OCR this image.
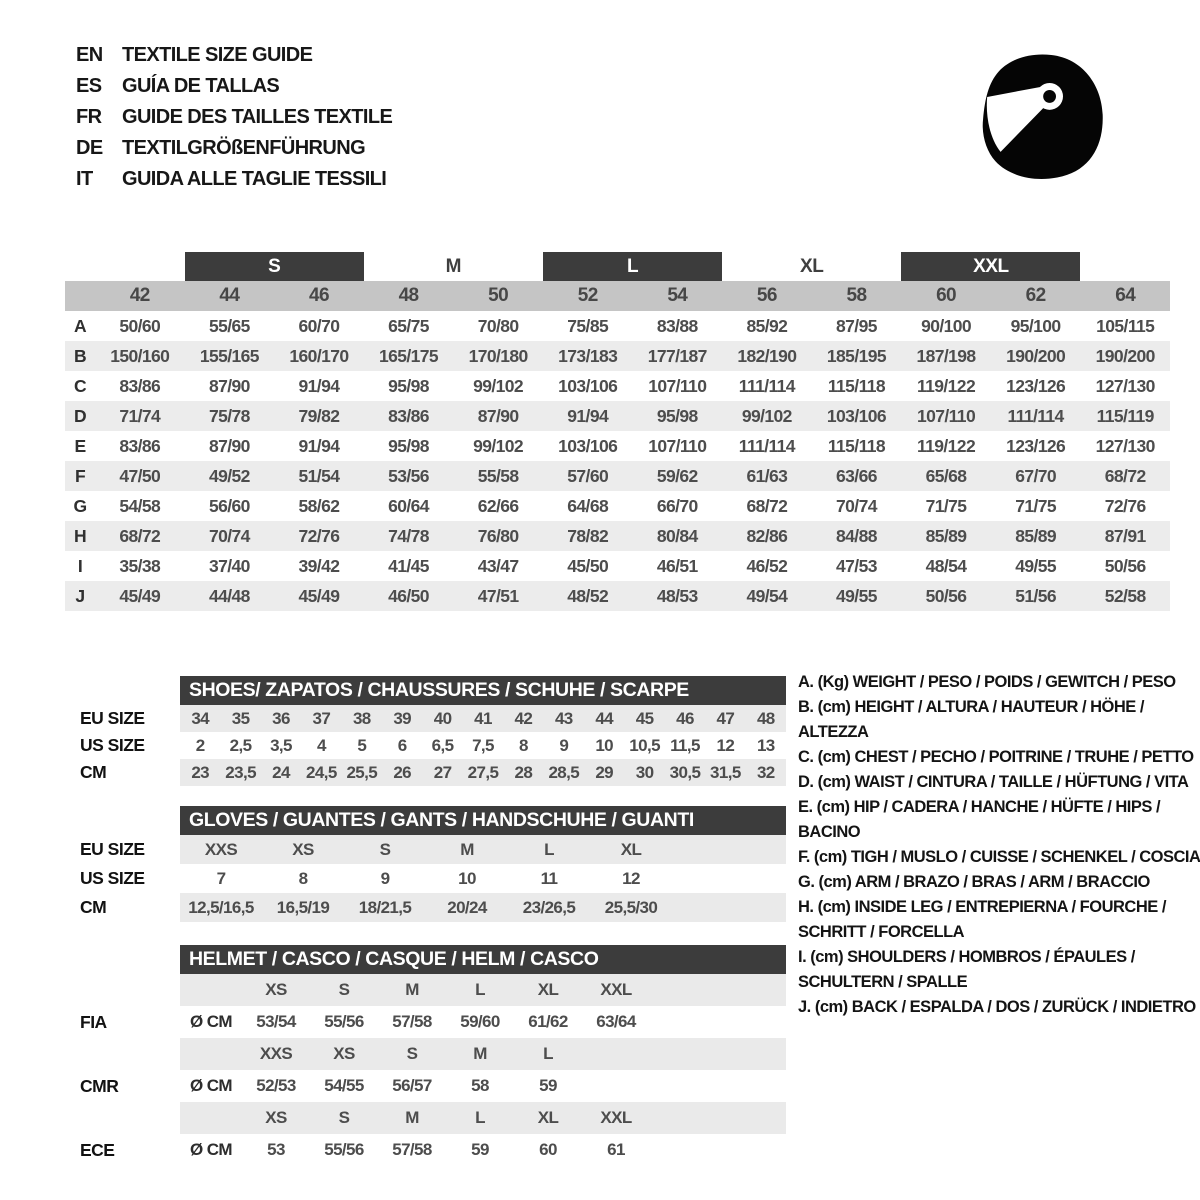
EN TEXTILE SIZE GUIDE
ES	GUÍA DE TALLAS
FR	GUIDE DES TAILLES TEXTILE
DE TEXTILGRÖßENFÜHRUNG
IT	GUIDA ALLE TAGLIE TESSILI
S	M	L	XL	XXL
42	44	46	48	50	52	54	56	58	60	62	64
A	50/60	55/65	60/70	65/75	70/80	75/85	83/88	85/92	87/95	90/100	95/100	105/115
B	150/160	155/165	160/170	165/175	170/180	173/183	177/187	182/190	185/195	187/198	190/200	190/200
C	83/86	87/90	91/94	95/98	99/102	103/106	107/110	111/114	115/118	119/122	123/126	127/130
D	71/74	75/78	79/82	83/86	87/90	91/94	95/98	99/102	103/106	107/110	111/114	115/119
E	83/86	87/90	91/94	95/98	99/102	103/106	107/110	111/114	115/118	119/122	123/126	127/130
F	47/50	49/52	51/54	53/56	55/58	57/60	59/62	61/63	63/66	65/68	67/70	68/72
G	54/58	56/60	58/62	60/64	62/66	64/68	66/70	68/72	70/74	71/75	71/75	72/76
H	68/72	70/74	72/76	74/78	76/80	78/82	80/84	82/86	84/88	85/89	85/89	87/91
I	35/38	37/40	39/42	41/45	43/47	45/50	46/51	46/52	47/53	48/54	49/55	50/56
J	45/49	44/48	45/49	46/50	47/51	48/52	48/53	49/54	49/55	50/56	51/56	52/58
SHOES/ ZAPATOS / CHAUSSURES / SCHUHE / SCARPE
EU SIZE	34	35	36	37	38	39	40	41	42	43	44	45	46	47	48
US SIZE	2	2,5	3,5	4	5	6	6,5	7,5	8	9	10 10,5 11,5 12	13
CM	23 23,5 24 24,5 25,5 26	27 27,5 28 28,5 29	30 30,5 31,5 32
GLOVES / GUANTES / GANTS / HANDSCHUHE / GUANTI
EU SIZE	XXS	XS	S	M	L	XL
US SIZE	7	8	9	10	11	12
CM	12,5/16,5	16,5/19	18/21,5	20/24	23/26,5	25,5/30
HELMET / CASCO / CASQUE / HELM / CASCO
XS	S	M	L	XL	XXL
FIA	Ø CM	53/54	55/56	57/58	59/60	61/62	63/64
XXS	XS	S	M	L
CMR	Ø CM	52/53	54/55	56/57	58	59
XS	S	M	L	XL	XXL
ECE	Ø CM	53	55/56	57/58	59	60	61
A. (Kg) WEIGHT / PESO / POIDS / GEWITCH / PESO
B. (cm) HEIGHT / ALTURA / HAUTEUR / HÖHE / ALTEZZA
C. (cm) CHEST / PECHO / POITRINE / TRUHE / PETTO
D. (cm) WAIST / CINTURA / TAILLE / HÜFTUNG / VITA
E. (cm) HIP / CADERA / HANCHE / HÜFTE / HIPS / BACINO
F. (cm) TIGH / MUSLO / CUISSE / SCHENKEL / COSCIA
G. (cm) ARM / BRAZO / BRAS / ARM / BRACCIO
H. (cm) INSIDE LEG / ENTREPIERNA / FOURCHE / SCHRITT / FORCELLA
I. (cm) SHOULDERS / HOMBROS / ÉPAULES / SCHULTERN / SPALLE
J. (cm) BACK / ESPALDA / DOS / ZURÜCK / INDIETRO
